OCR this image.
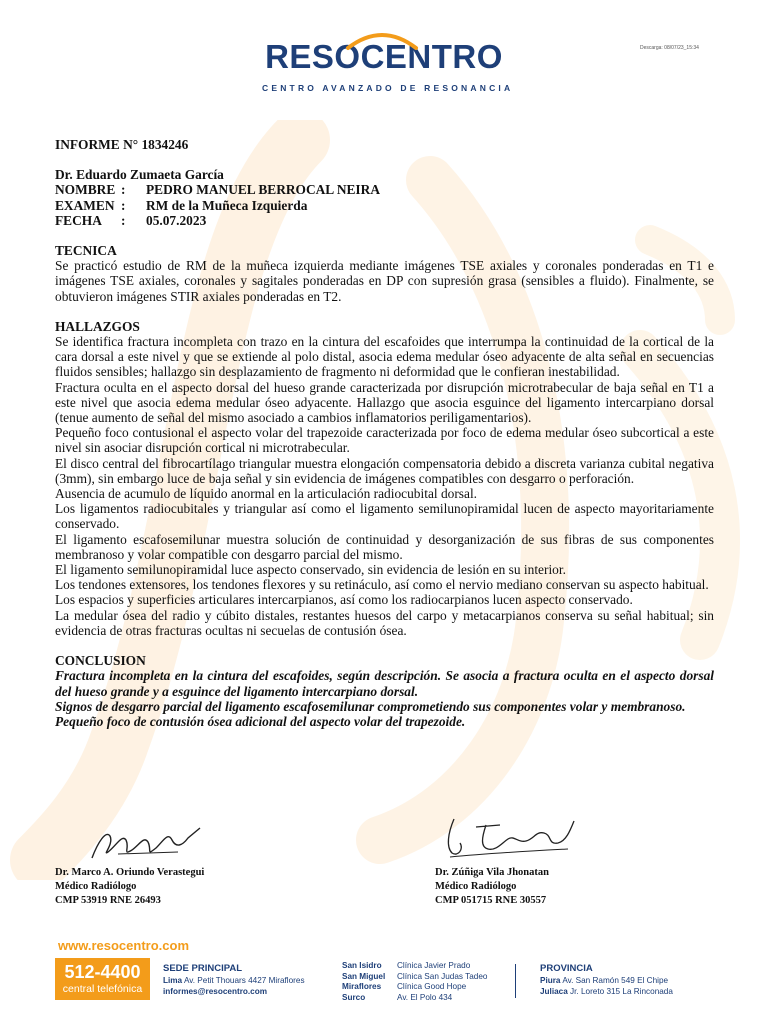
RESOCENTRO
CENTRO AVANZADO DE RESONANCIA
Descarga: 08/07/23_15:34
INFORME N° 1834246
Dr. Eduardo Zumaeta García
NOMBRE :	PEDRO MANUEL BERROCAL NEIRA
EXAMEN :	RM de la Muñeca Izquierda
FECHA	:	05.07.2023
TECNICA
Se practicó estudio de RM de la muñeca izquierda mediante imágenes TSE axiales y coronales ponderadas en T1 e imágenes TSE axiales, coronales y sagitales ponderadas en DP con supresión grasa (sensibles a fluido). Finalmente, se obtuvieron imágenes STIR axiales ponderadas en T2.
HALLAZGOS
Se identifica fractura incompleta con trazo en la cintura del escafoides que interrumpa la continuidad de la cortical de la cara dorsal a este nivel y que se extiende al polo distal, asocia edema medular óseo adyacente de alta señal en secuencias fluidos sensibles; hallazgo sin desplazamiento de fragmento ni deformidad que le confieran inestabilidad.
Fractura oculta en el aspecto dorsal del hueso grande caracterizada por disrupción microtrabecular de baja señal en T1 a este nivel que asocia edema medular óseo adyacente. Hallazgo que asocia esguince del ligamento intercarpiano dorsal (tenue aumento de señal del mismo asociado a cambios inflamatorios periligamentarios).
Pequeño foco contusional el aspecto volar del trapezoide caracterizada por foco de edema medular óseo subcortical a este nivel sin asociar disrupción cortical ni microtrabecular.
El disco central del fibrocartílago triangular muestra elongación compensatoria debido a discreta varianza cubital negativa (3mm), sin embargo luce de baja señal y sin evidencia de imágenes compatibles con desgarro o perforación.
Ausencia de acumulo de líquido anormal en la articulación radiocubital dorsal.
Los ligamentos radiocubitales y triangular así como el ligamento semilunopiramidal lucen de aspecto mayoritariamente conservado.
El ligamento escafosemilunar muestra solución de continuidad y desorganización de sus fibras de sus componentes membranoso y volar compatible con desgarro parcial del mismo.
El ligamento semilunopiramidal luce aspecto conservado, sin evidencia de lesión en su interior.
Los tendones extensores, los tendones flexores y su retináculo, así como el nervio mediano conservan su aspecto habitual.
Los espacios y superficies articulares intercarpianos, así como los radiocarpianos lucen aspecto conservado.
La medular ósea del radio y cúbito distales, restantes huesos del carpo y metacarpianos conserva su señal habitual; sin evidencia de otras fracturas ocultas ni secuelas de contusión ósea.
CONCLUSION
Fractura incompleta en la cintura del escafoides, según descripción. Se asocia a fractura oculta en el aspecto dorsal del hueso grande y a esguince del ligamento intercarpiano dorsal.
Signos de desgarro parcial del ligamento escafosemilunar comprometiendo sus componentes volar y membranoso.
Pequeño foco de contusión ósea adicional del aspecto volar del trapezoide.
Dr. Marco A. Oriundo Verastegui
Médico Radiólogo
CMP 53919 RNE 26493
Dr. Zúñiga Vila Jhonatan
Médico Radiólogo
CMP 051715 RNE 30557
www.resocentro.com
512-4400
central telefónica
SEDE PRINCIPAL
Lima Av. Petit Thouars 4427 Miraflores
informes@resocentro.com
San Isidro	Clínica Javier Prado
San Miguel	Clínica San Judas Tadeo
Miraflores	Clínica Good Hope
Surco	Av. El Polo 434
PROVINCIA
Piura Av. San Ramón 549 El Chipe
Juliaca Jr. Loreto 315 La Rinconada
